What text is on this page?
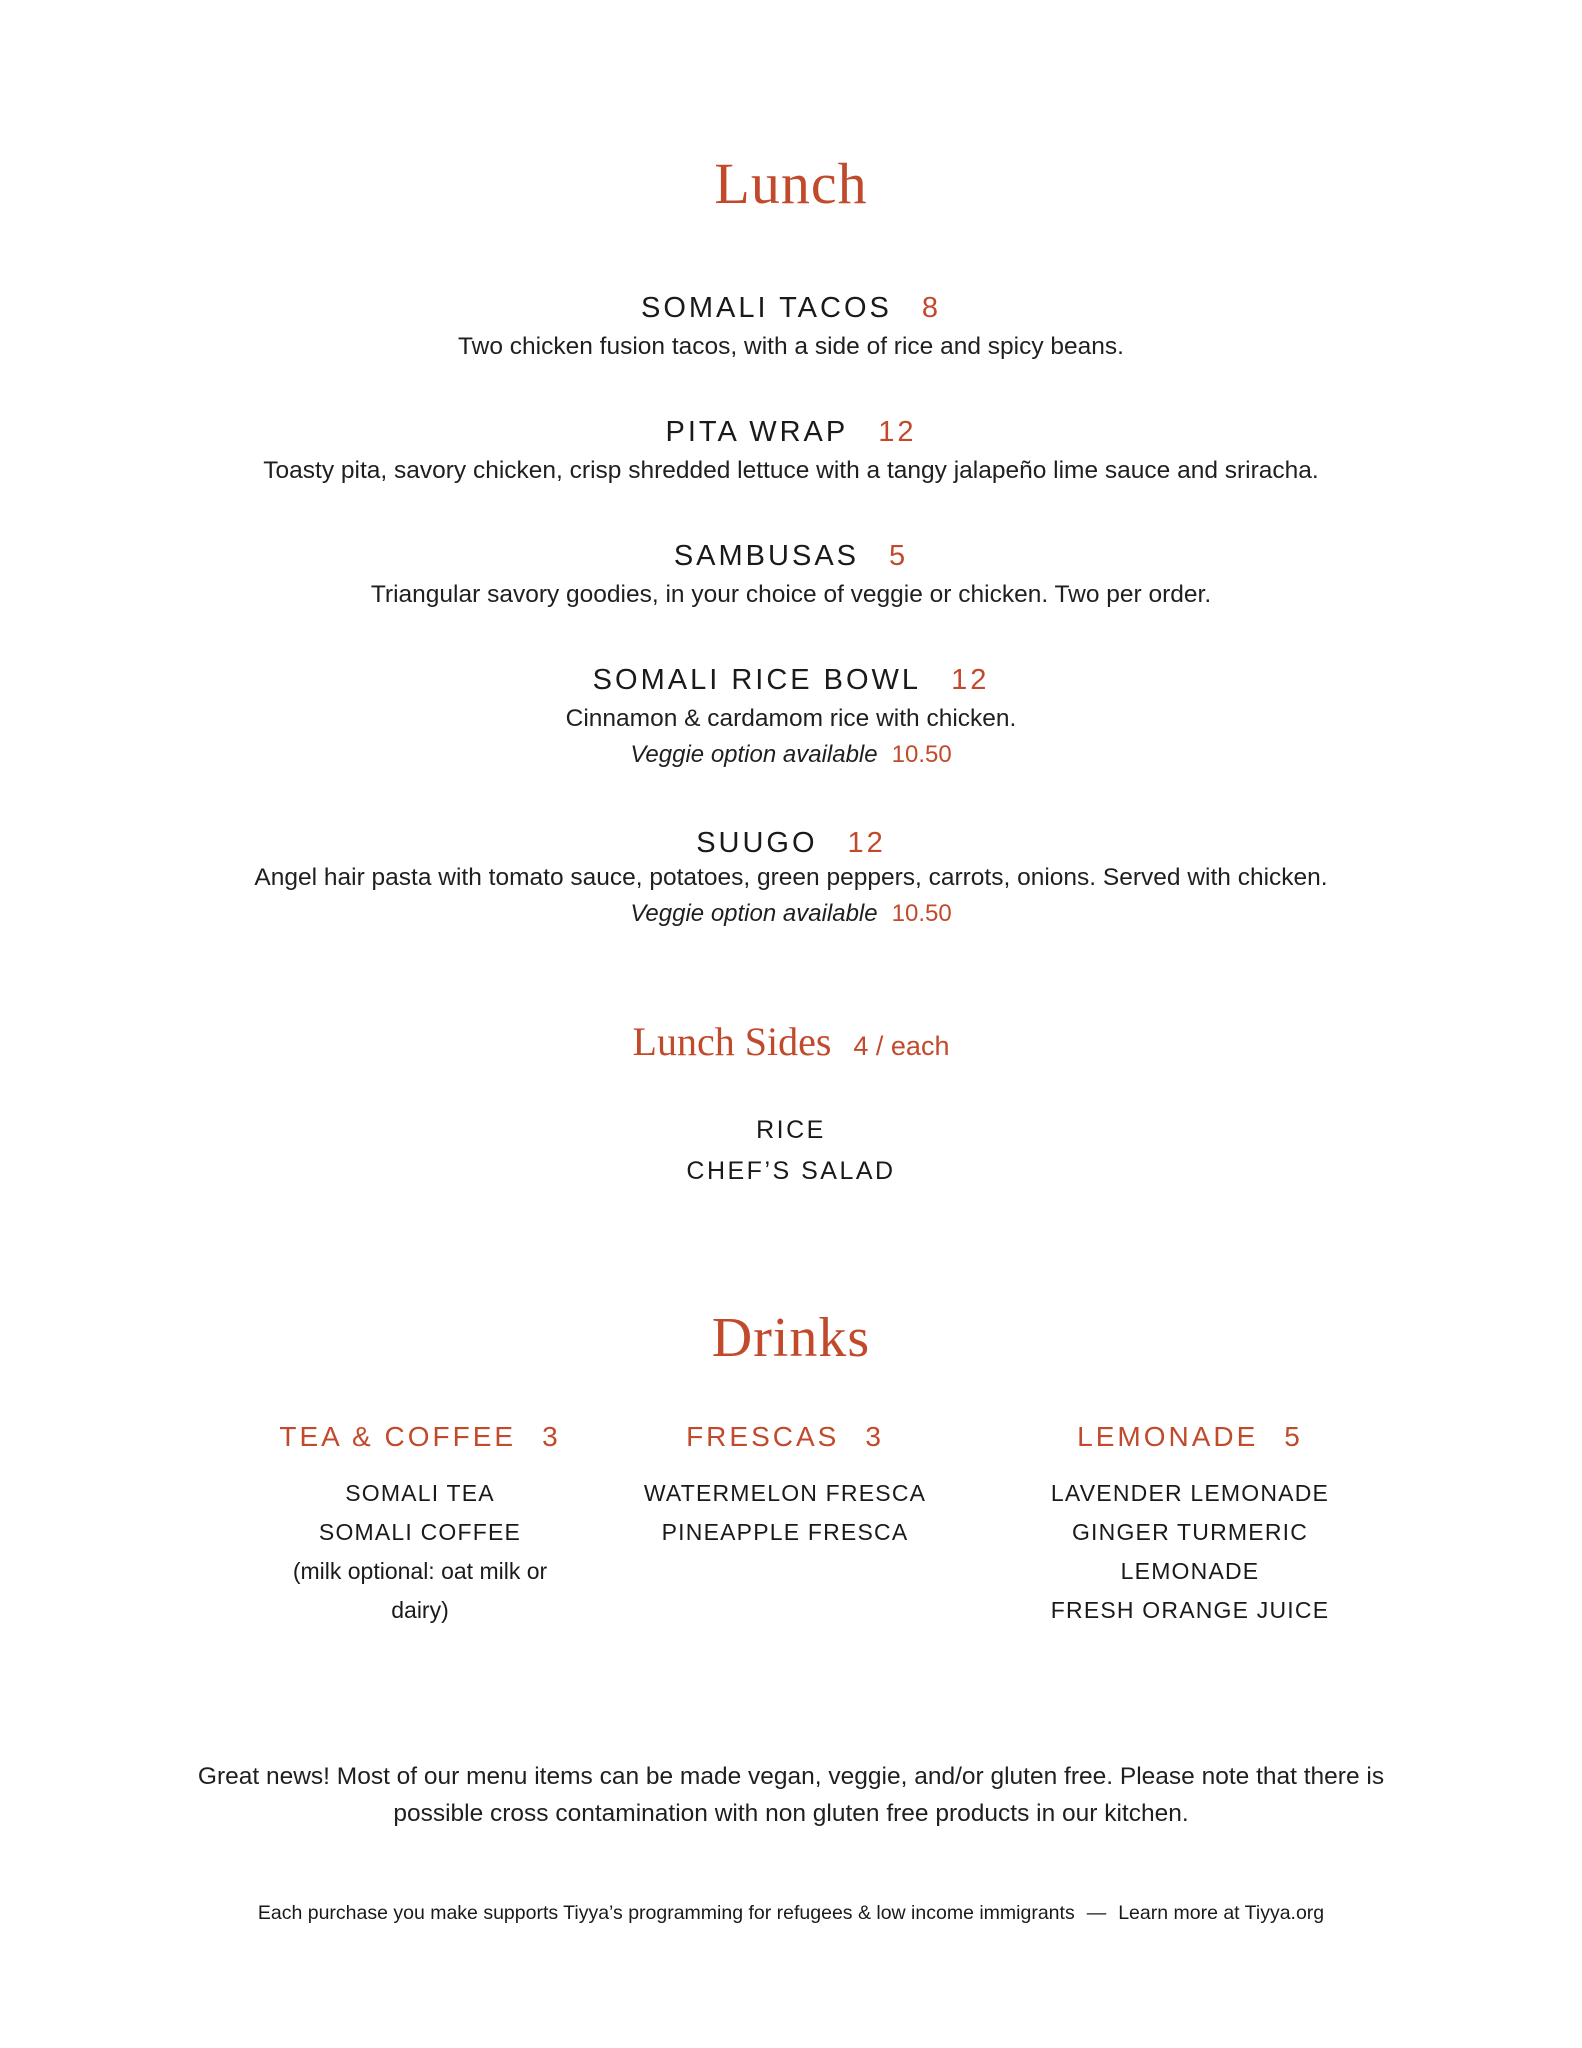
Lunch
SOMALI TACOS 8
Two chicken fusion tacos, with a side of rice and spicy beans.
PITA WRAP 12
Toasty pita, savory chicken, crisp shredded lettuce with a tangy jalapeño lime sauce and sriracha.
SAMBUSAS 5
Triangular savory goodies, in your choice of veggie or chicken. Two per order.
SOMALI RICE BOWL 12
Cinnamon & cardamom rice with chicken.
Veggie option available 10.50
SUUGO 12
Angel hair pasta with tomato sauce, potatoes, green peppers, carrots, onions. Served with chicken.
Veggie option available 10.50
Lunch Sides 4 / each
RICE
CHEF’S SALAD
Drinks
TEA & COFFEE 3
SOMALI TEA
SOMALI COFFEE
(milk optional: oat milk or dairy)
FRESCAS 3
WATERMELON FRESCA
PINEAPPLE FRESCA
LEMONADE 5
LAVENDER LEMONADE
GINGER TURMERIC LEMONADE
FRESH ORANGE JUICE
Great news! Most of our menu items can be made vegan, veggie, and/or gluten free. Please note that there is possible cross contamination with non gluten free products in our kitchen.
Each purchase you make supports Tiyya’s programming for refugees & low income immigrants — Learn more at Tiyya.org
